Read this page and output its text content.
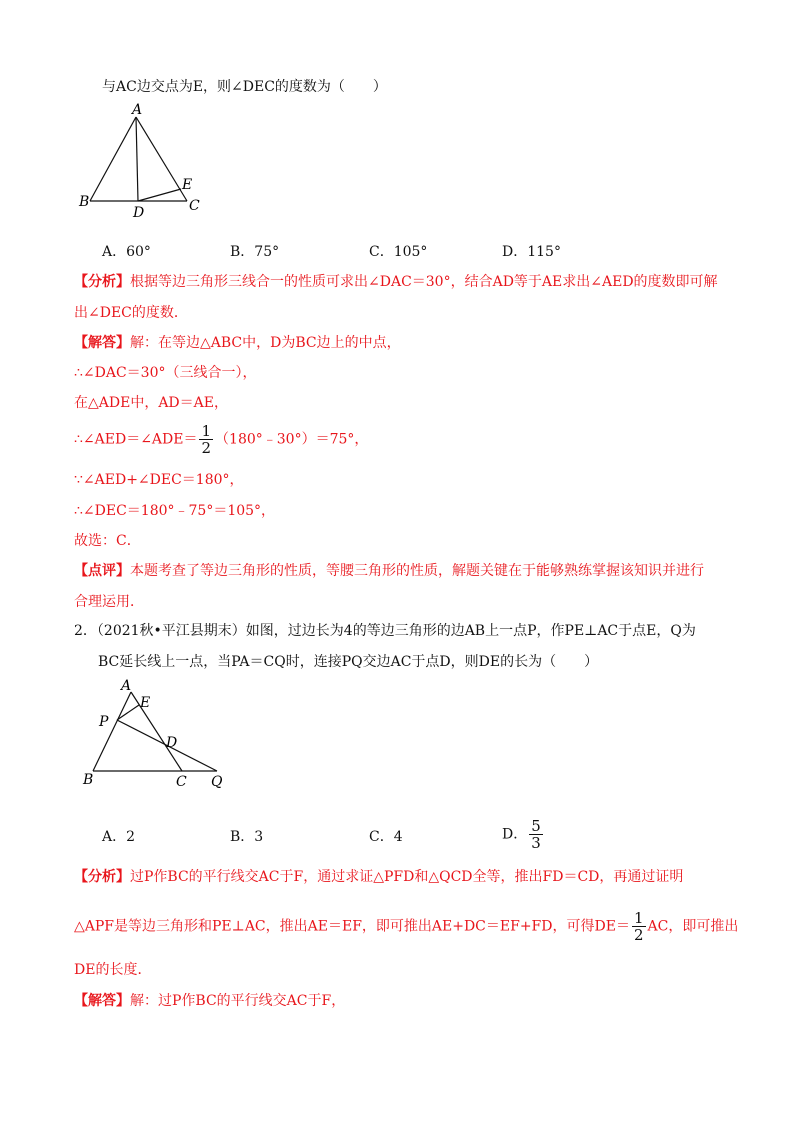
与AC边交点为E，则∠DEC的度数为（　　）
A
B
D	C
E
A．60°	B．75°	C．105°	D．115°
【分析】根据等边三角形三线合一的性质可求出∠DAC＝30°，结合AD等于AE求出∠AED的度数即可解
出∠DEC的度数．
【解答】解：在等边△ABC中，D为BC边上的中点，
∴∠DAC＝30°（三线合一），
在△ADE中，AD＝AE，
∴∠AED＝∠ADE＝ $\frac{1}{2}$ （180°﹣30°）＝75°，
∵∠AED+∠DEC＝180°，
∴∠DEC＝180°﹣75°＝105°，
故选：C．
【点评】本题考查了等边三角形的性质，等腰三角形的性质，解题关键在于能够熟练掌握该知识并进行
合理运用．
2．（2021秋•平江县期末）如图，过边长为4的等边三角形的边AB上一点P，作PE⊥AC于点E，Q为
BC延长线上一点，当PA＝CQ时，连接PQ交边AC于点D，则DE的长为（　　）
A
E
P
D
B	C Q
A．2	B．3	C．4	D． $\frac{5}{3}$
【分析】过P作BC的平行线交AC于F，通过求证△PFD和△QCD全等，推出FD＝CD，再通过证明
△APF是等边三角形和PE⊥AC，推出AE＝EF，即可推出AE+DC＝EF+FD，可得$DE= \frac{1}{2}$ AC，即可推出
DE的长度．
【解答】解：过P作BC的平行线交AC于F，
